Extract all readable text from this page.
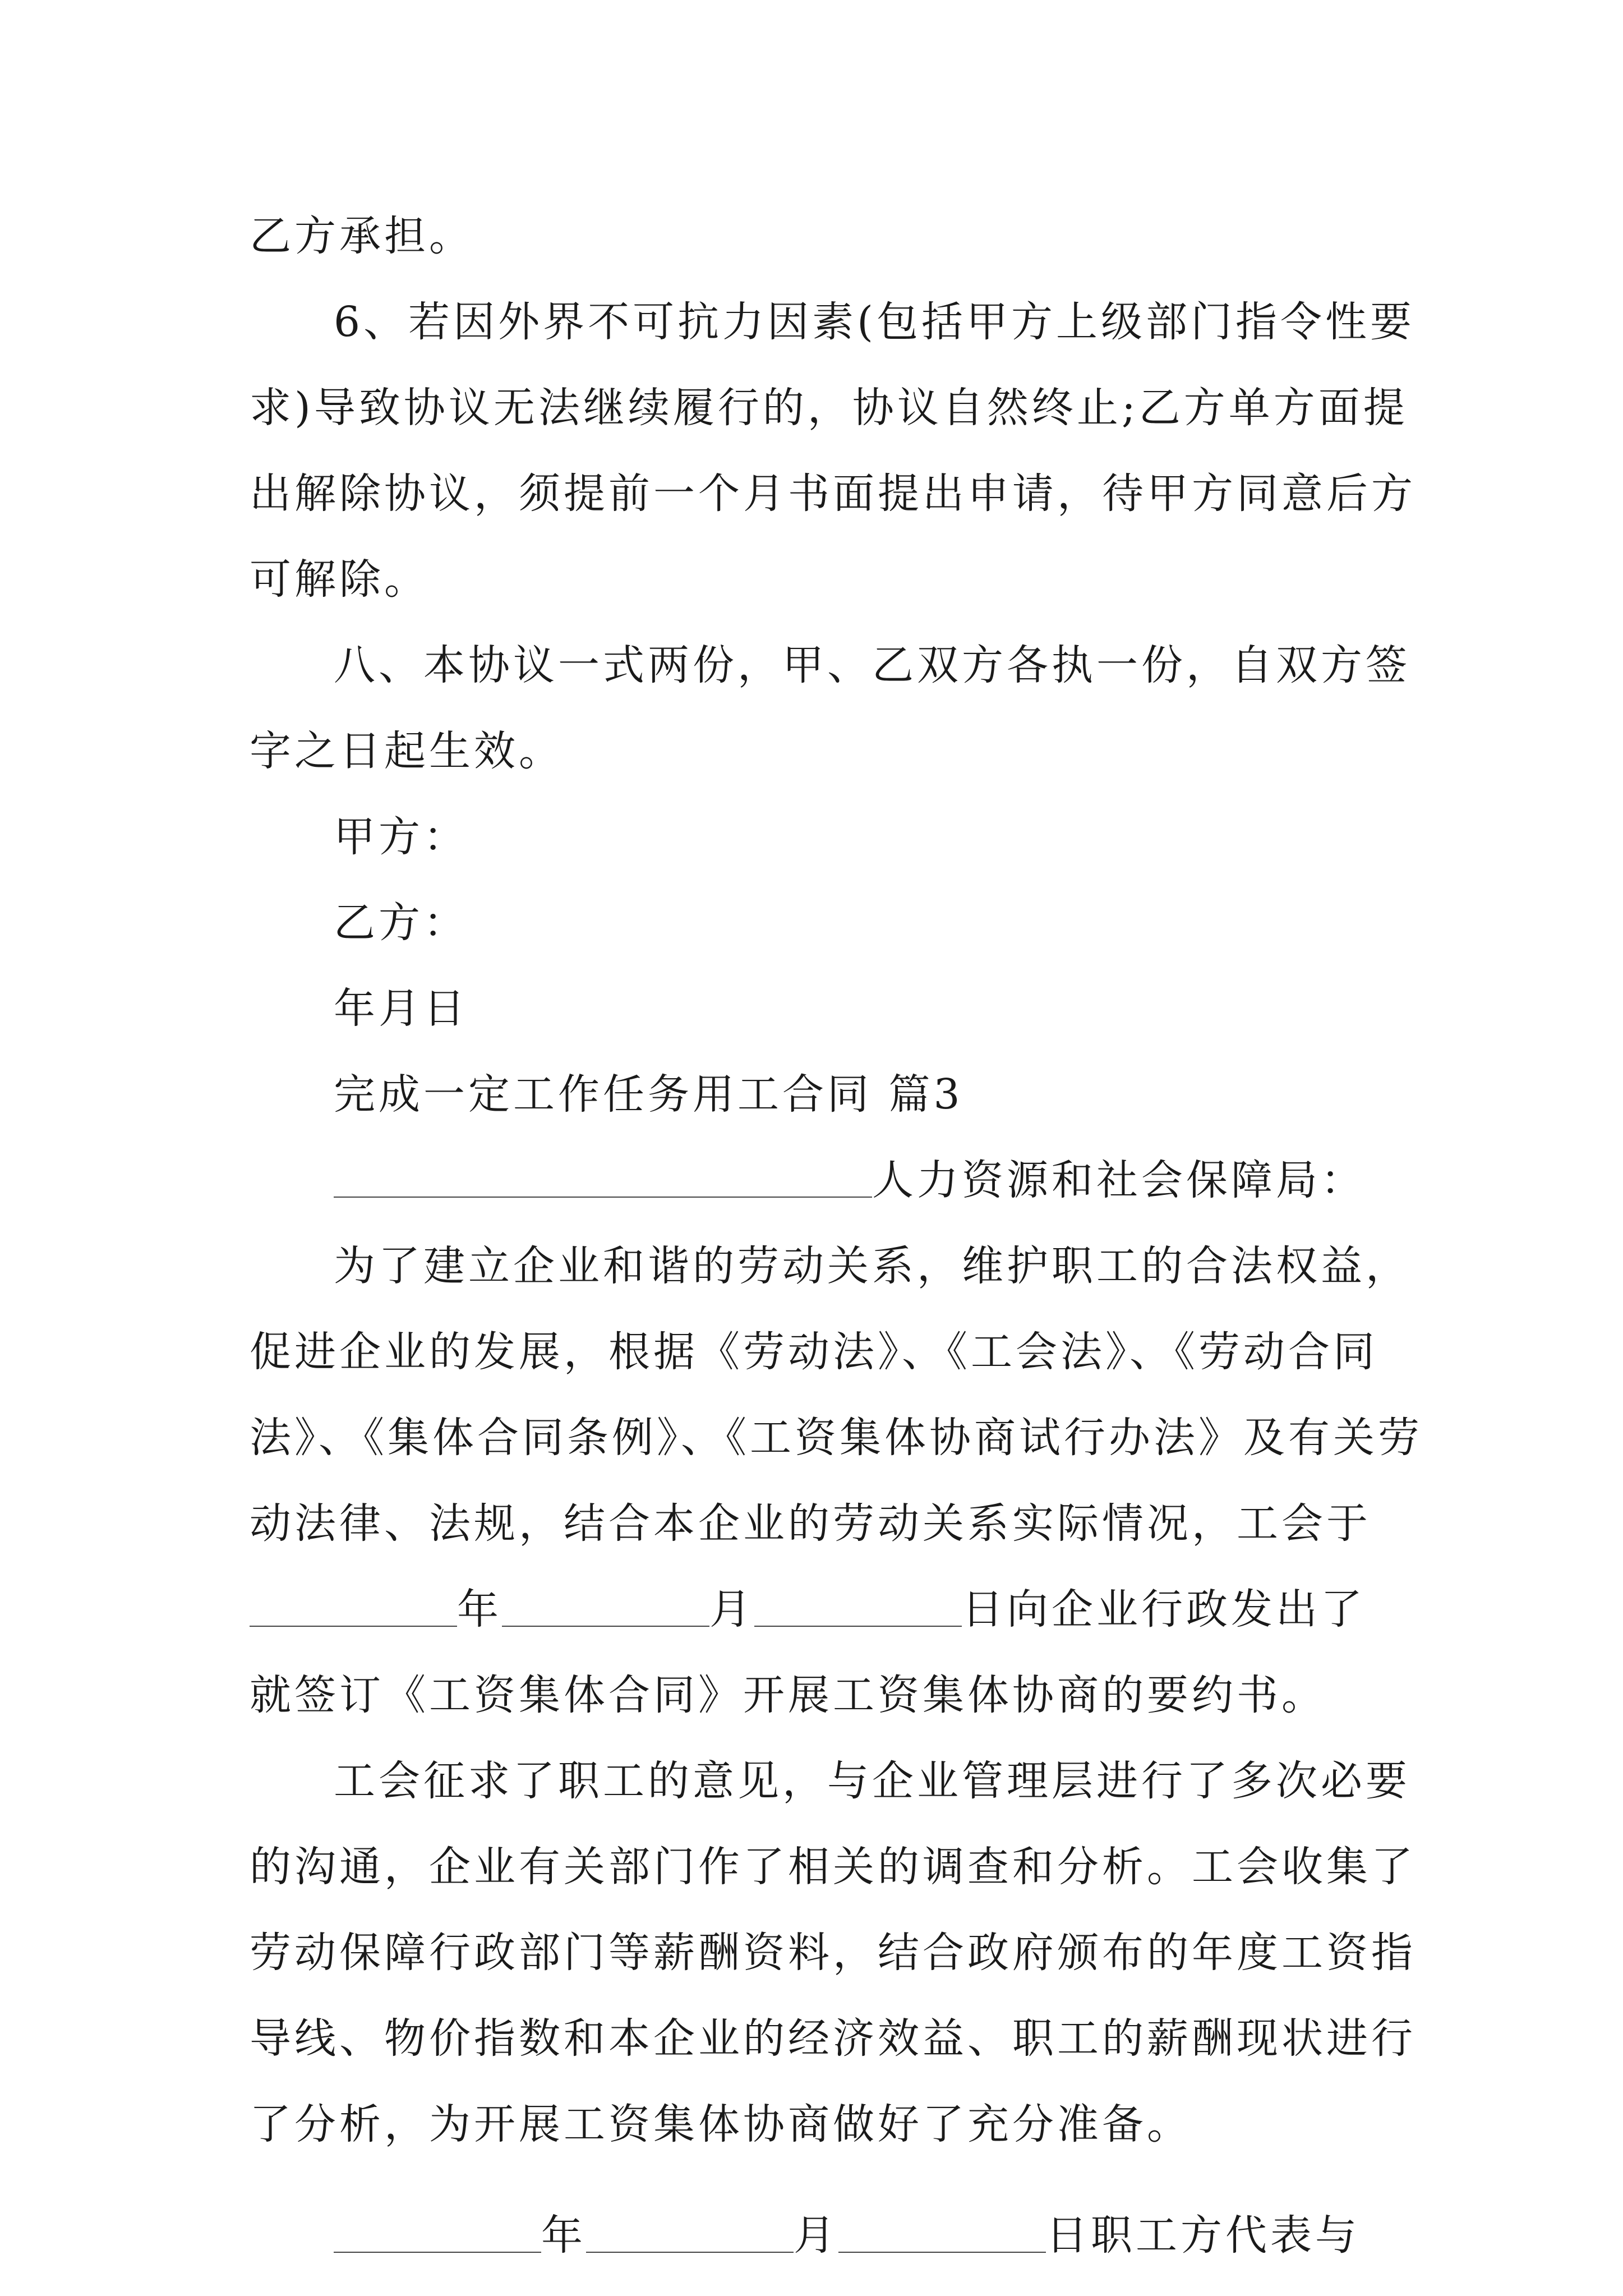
乙方承担。

6、若因外界不可抗力因素(包括甲方上级部门指令性要
求)导致协议无法继续履行的，协议自然终止;乙方单方面提
出解除协议，须提前一个月书面提出申请，待甲方同意后方
可解除。

八、本协议一式两份，甲、乙双方各执一份，自双方签
字之日起生效。

甲方：

乙方：

年月日

完成一定工作任务用工合同 篇3

人力资源和社会保障局：

为了建立企业和谐的劳动关系，维护职工的合法权益，
促进企业的发展，根据《劳动法》、《工会法》、《劳动合同
法》、《集体合同条例》、《工资集体协商试行办法》及有关劳
动法律、法规，结合本企业的劳动关系实际情况，工会于

年	月	日向企业行政发出了
就签订《工资集体合同》开展工资集体协商的要约书。

工会征求了职工的意见，与企业管理层进行了多次必要
的沟通，企业有关部门作了相关的调查和分析。工会收集了
劳动保障行政部门等薪酬资料，结合政府颁布的年度工资指
导线、物价指数和本企业的经济效益、职工的薪酬现状进行
了分析，为开展工资集体协商做好了充分准备。

年	月	日职工方代表与
